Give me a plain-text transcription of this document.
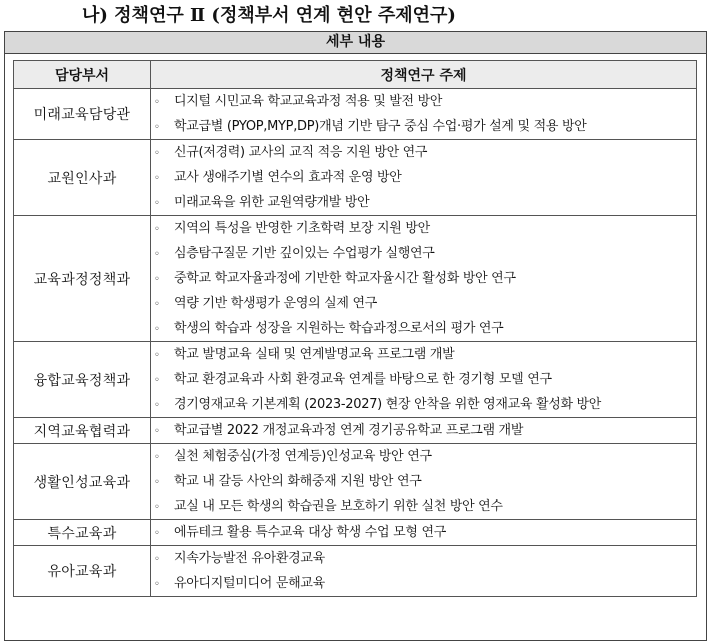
나) 정책연구 Ⅱ (정책부서 연계 현안 주제연구)
세부 내용
담당부서	정책연구 주제
미래교육담당관	◦ 디지털 시민교육 학교교육과정 적용 및 발전 방안
◦ 학교급별 (PYOP,MYP,DP)개념 기반 탐구 중심 수업·평가 설계 및 적용 방안

교원인사과	◦ 신규(저경력) 교사의 교직 적응 지원 방안 연구
◦ 교사 생애주기별 연수의 효과적 운영 방안
◦ 미래교육을 위한 교원역량개발 방안

교육과정정책과	◦ 지역의 특성을 반영한 기초학력 보장 지원 방안
◦ 심층탐구질문 기반 깊이있는 수업평가 실행연구
◦ 중학교 학교자율과정에 기반한 학교자율시간 활성화 방안 연구
◦ 역량 기반 학생평가 운영의 실제 연구
◦ 학생의 학습과 성장을 지원하는 학습과정으로서의 평가 연구

융합교육정책과	◦ 학교 발명교육 실태 및 연계발명교육 프로그램 개발
◦ 학교 환경교육과 사회 환경교육 연계를 바탕으로 한 경기형 모델 연구
◦ 경기영재교육 기본계획 (2023-2027) 현장 안착을 위한 영재교육 활성화 방안

지역교육협력과	◦ 학교급별 2022 개정교육과정 연계 경기공유학교 프로그램 개발

생활인성교육과	◦ 실천 체험중심(가정 연계등)인성교육 방안 연구
◦ 학교 내 갈등 사안의 화해중재 지원 방안 연구
◦ 교실 내 모든 학생의 학습권을 보호하기 위한 실천 방안 연수

특수교육과	◦ 에듀테크 활용 특수교육 대상 학생 수업 모형 연구

유아교육과	◦ 지속가능발전 유아환경교육
◦ 유아디지털미디어 문해교육
